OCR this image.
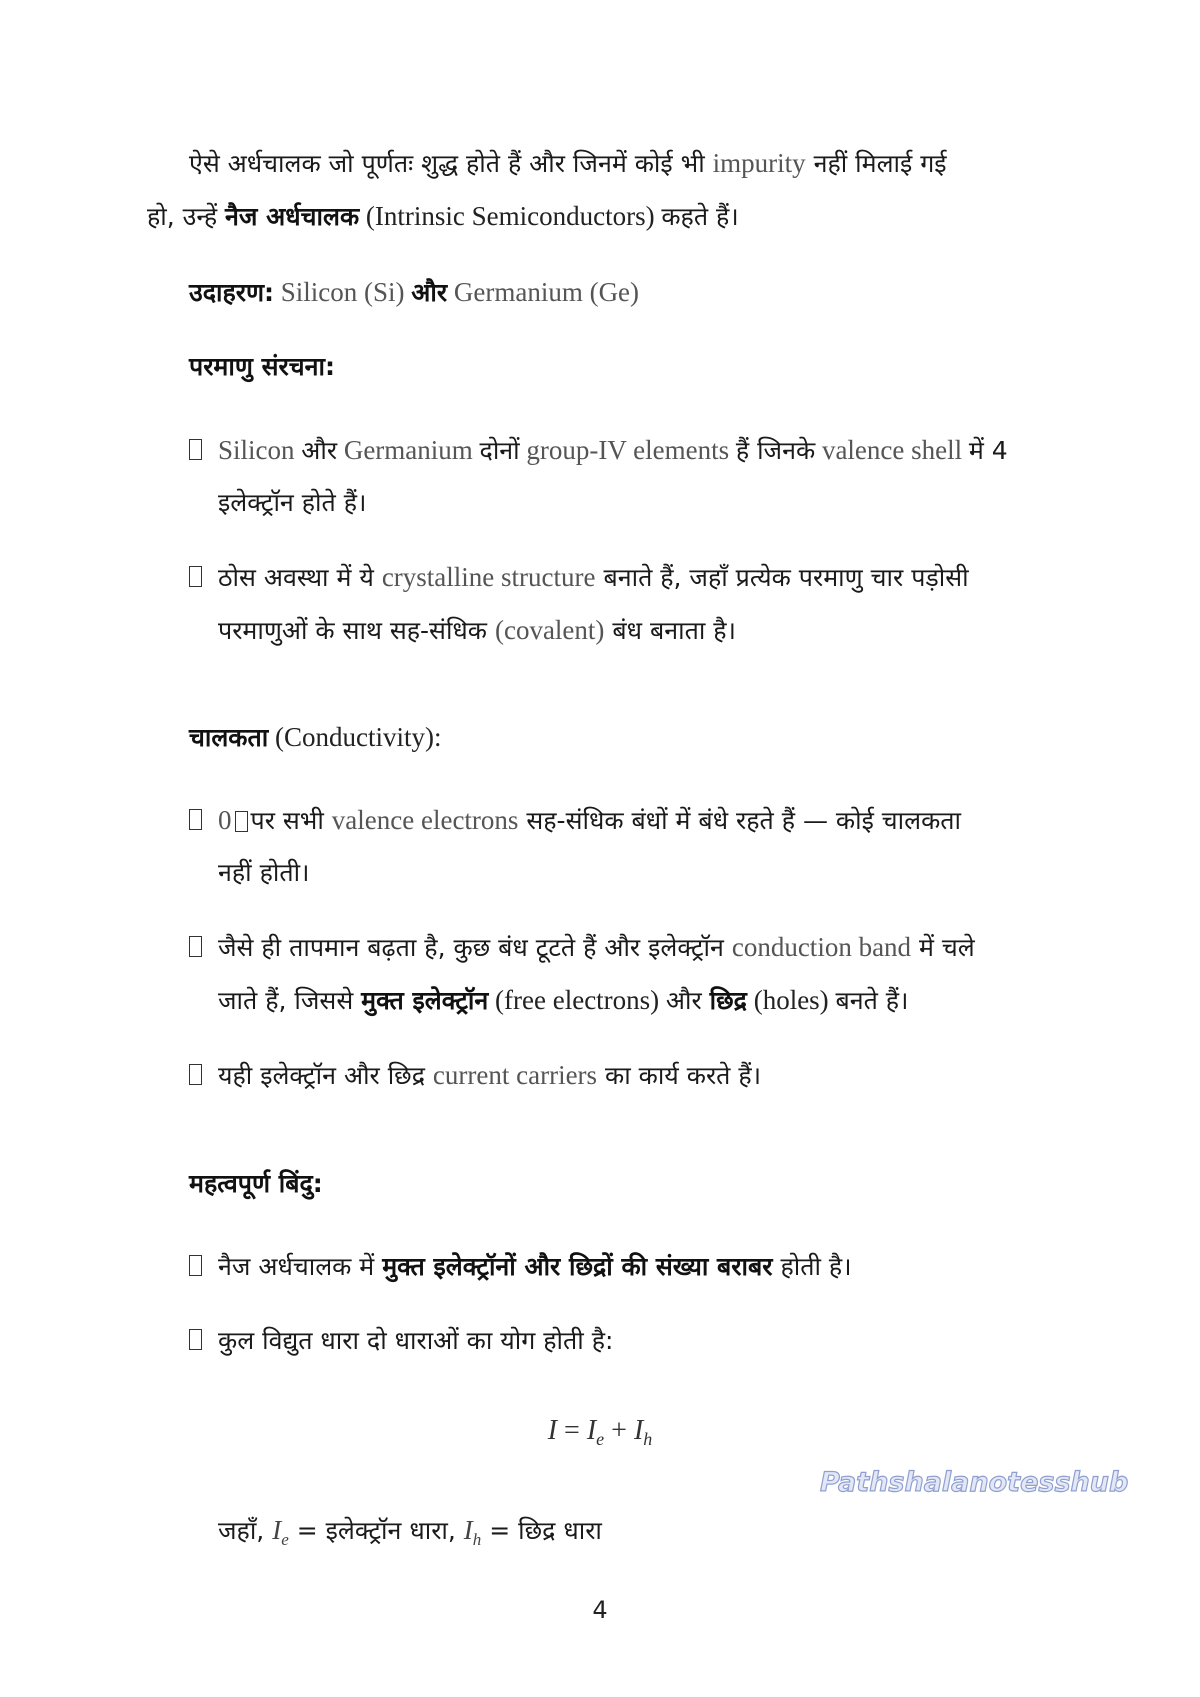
ऐसे अर्धचालक जो पूर्णतः शुद्ध होते हैं और जिनमें कोई भी impurity नहीं मिलाई गई
हो, उन्हें नैज अर्धचालक (Intrinsic Semiconductors) कहते हैं।
उदाहरण: Silicon (Si) और Germanium (Ge)
परमाणु संरचना:
Silicon और Germanium दोनों group-IV elements हैं जिनके valence shell में 4
इलेक्ट्रॉन होते हैं।
ठोस अवस्था में ये crystalline structure बनाते हैं, जहाँ प्रत्येक परमाणु चार पड़ोसी
परमाणुओं के साथ सह-संधिक (covalent) बंध बनाता है।
चालकता (Conductivity):
0 पर सभी valence electrons सह-संधिक बंधों में बंधे रहते हैं — कोई चालकता
नहीं होती।
जैसे ही तापमान बढ़ता है, कुछ बंध टूटते हैं और इलेक्ट्रॉन conduction band में चले
जाते हैं, जिससे मुक्त इलेक्ट्रॉन (free electrons) और छिद्र (holes) बनते हैं।
यही इलेक्ट्रॉन और छिद्र current carriers का कार्य करते हैं।
महत्वपूर्ण बिंदु:
नैज अर्धचालक में मुक्त इलेक्ट्रॉनों और छिद्रों की संख्या बराबर होती है।
कुल विद्युत धारा दो धाराओं का योग होती है:
जहाँ, $I_e$ = इलेक्ट्रॉन धारा, $I_h$ = छिद्र धारा
$I = I_e + I_h$
4
Pathshalanotesshub
